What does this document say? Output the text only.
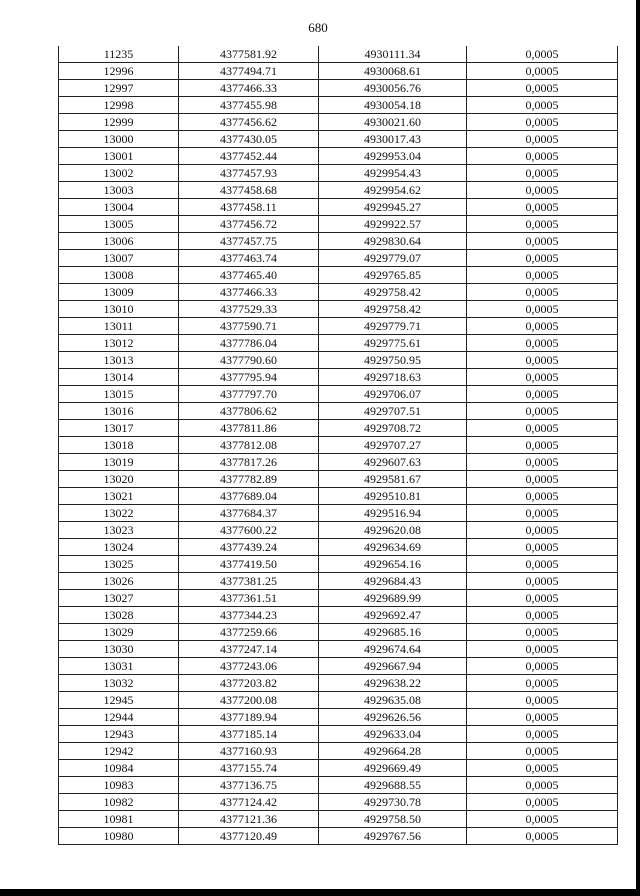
680
11235	4377581.92	4930111.34	0,0005
12996	4377494.71	4930068.61	0,0005
12997	4377466.33	4930056.76	0,0005
12998	4377455.98	4930054.18	0,0005
12999	4377456.62	4930021.60	0,0005
13000	4377430.05	4930017.43	0,0005
13001	4377452.44	4929953.04	0,0005
13002	4377457.93	4929954.43	0,0005
13003	4377458.68	4929954.62	0,0005
13004	4377458.11	4929945.27	0,0005
13005	4377456.72	4929922.57	0,0005
13006	4377457.75	4929830.64	0,0005
13007	4377463.74	4929779.07	0,0005
13008	4377465.40	4929765.85	0,0005
13009	4377466.33	4929758.42	0,0005
13010	4377529.33	4929758.42	0,0005
13011	4377590.71	4929779.71	0,0005
13012	4377786.04	4929775.61	0,0005
13013	4377790.60	4929750.95	0,0005
13014	4377795.94	4929718.63	0,0005
13015	4377797.70	4929706.07	0,0005
13016	4377806.62	4929707.51	0,0005
13017	4377811.86	4929708.72	0,0005
13018	4377812.08	4929707.27	0,0005
13019	4377817.26	4929607.63	0,0005
13020	4377782.89	4929581.67	0,0005
13021	4377689.04	4929510.81	0,0005
13022	4377684.37	4929516.94	0,0005
13023	4377600.22	4929620.08	0,0005
13024	4377439.24	4929634.69	0,0005
13025	4377419.50	4929654.16	0,0005
13026	4377381.25	4929684.43	0,0005
13027	4377361.51	4929689.99	0,0005
13028	4377344.23	4929692.47	0,0005
13029	4377259.66	4929685.16	0,0005
13030	4377247.14	4929674.64	0,0005
13031	4377243.06	4929667.94	0,0005
13032	4377203.82	4929638.22	0,0005
12945	4377200.08	4929635.08	0,0005
12944	4377189.94	4929626.56	0,0005
12943	4377185.14	4929633.04	0,0005
12942	4377160.93	4929664.28	0,0005
10984	4377155.74	4929669.49	0,0005
10983	4377136.75	4929688.55	0,0005
10982	4377124.42	4929730.78	0,0005
10981	4377121.36	4929758.50	0,0005
10980	4377120.49	4929767.56	0,0005
